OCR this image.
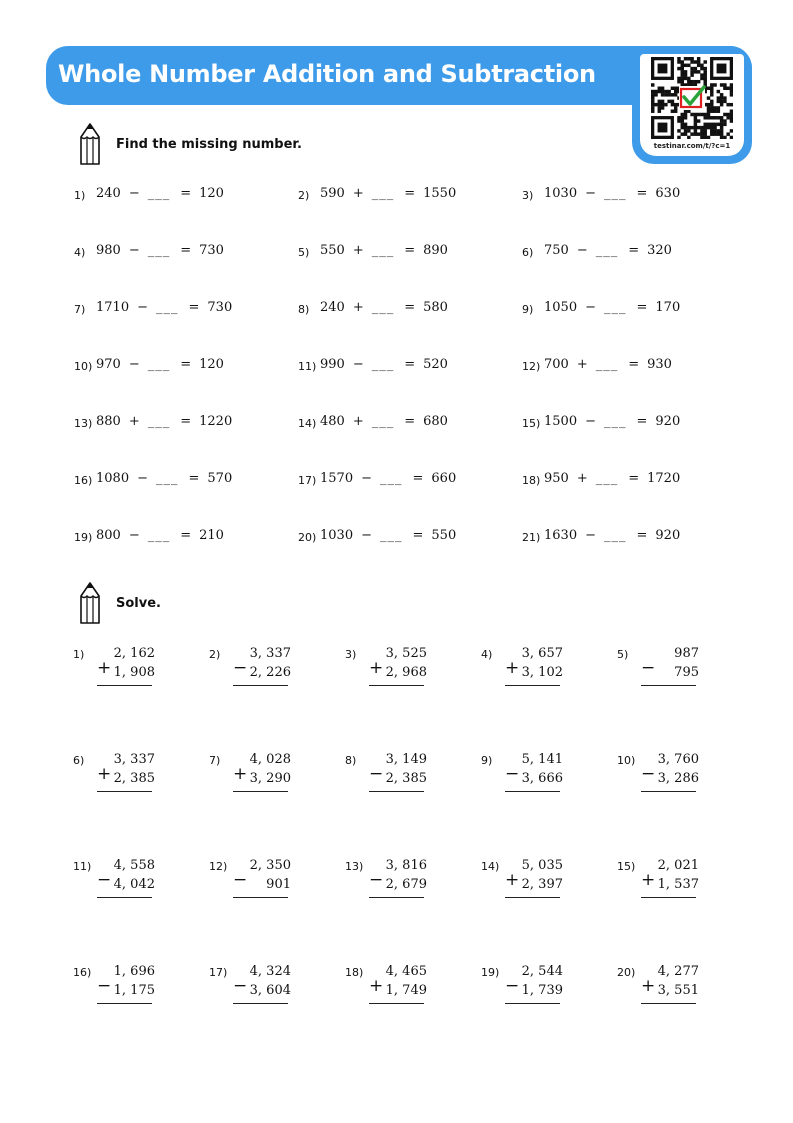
Whole Number Addition and Subtraction
testinar.com/t/?c=1
Find the missing number.
1) 240 − ___ = 120	2) 590 + ___ = 1550	3) 1030 − ___ = 630
4) 980 − ___ = 730	5) 550 + ___ = 890	6) 750 − ___ = 320
7) 1710 − ___ = 730	8) 240 + ___ = 580	9) 1050 − ___ = 170
10) 970 − ___ = 120	11) 990 − ___ = 520	12) 700 + ___ = 930
13) 880 + ___ = 1220	14) 480 + ___ = 680	15) 1500 − ___ = 920
16) 1080 − ___ = 570	17) 1570 − ___ = 660	18) 950 + ___ = 1720
19) 800 − ___ = 210	20) 1030 − ___ = 550	21) 1630 − ___ = 920
Solve.
1)
+
2, 162
1, 908
2)
−
3, 337
2, 226
3)
+
3, 525
2, 968
4)
+
3, 657
3, 102
5)
−
987
795
6)
+
3, 337
2, 385
7)
+
4, 028
3, 290
8)
−
3, 149
2, 385
9)
−
5, 141
3, 666
10)
−
3, 760
3, 286
11)
−
4, 558
4, 042
12)
−
2, 350
901
13)
−
3, 816
2, 679
14)
+
5, 035
2, 397
15)
+
2, 021
1, 537
16)
−
1, 696
1, 175
17)
−
4, 324
3, 604
18)
+
4, 465
1, 749
19)
−
2, 544
1, 739
20)
+
4, 277
3, 551
